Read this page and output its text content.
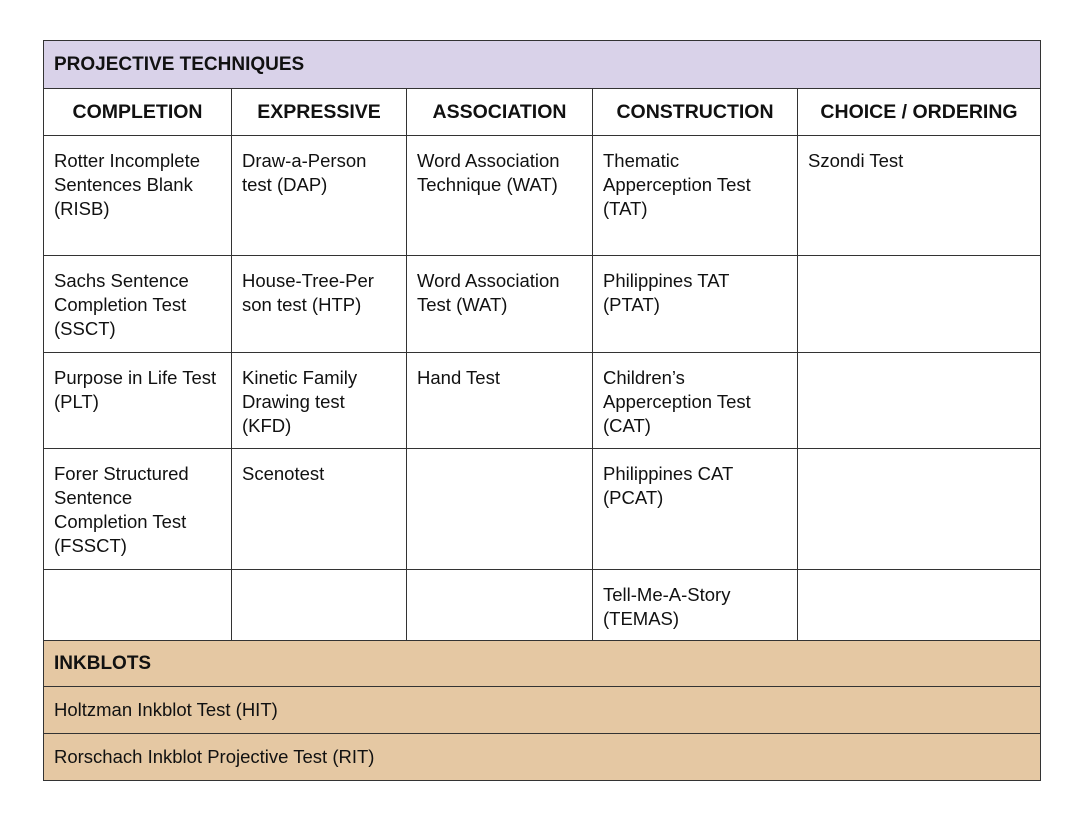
PROJECTIVE TECHNIQUES				
COMPLETION	EXPRESSIVE	ASSOCIATION	CONSTRUCTION	CHOICE / ORDERING
Rotter Incomplete Sentences Blank (RISB)	Draw-a-Person test (DAP)	Word Association Technique (WAT)	Thematic Apperception Test (TAT)	Szondi Test
Sachs Sentence Completion Test (SSCT)	House-Tree-Per son test (HTP)	Word Association Test (WAT)	Philippines TAT (PTAT)	
Purpose in Life Test (PLT)	Kinetic Family Drawing test (KFD)	Hand Test	Children’s Apperception Test (CAT)	
Forer Structured Sentence Completion Test (FSSCT)	Scenotest		Philippines CAT (PCAT)	
			Tell-Me-A-Story (TEMAS)	
INKBLOTS				
Holtzman Inkblot Test (HIT)				
Rorschach Inkblot Projective Test (RIT)				
